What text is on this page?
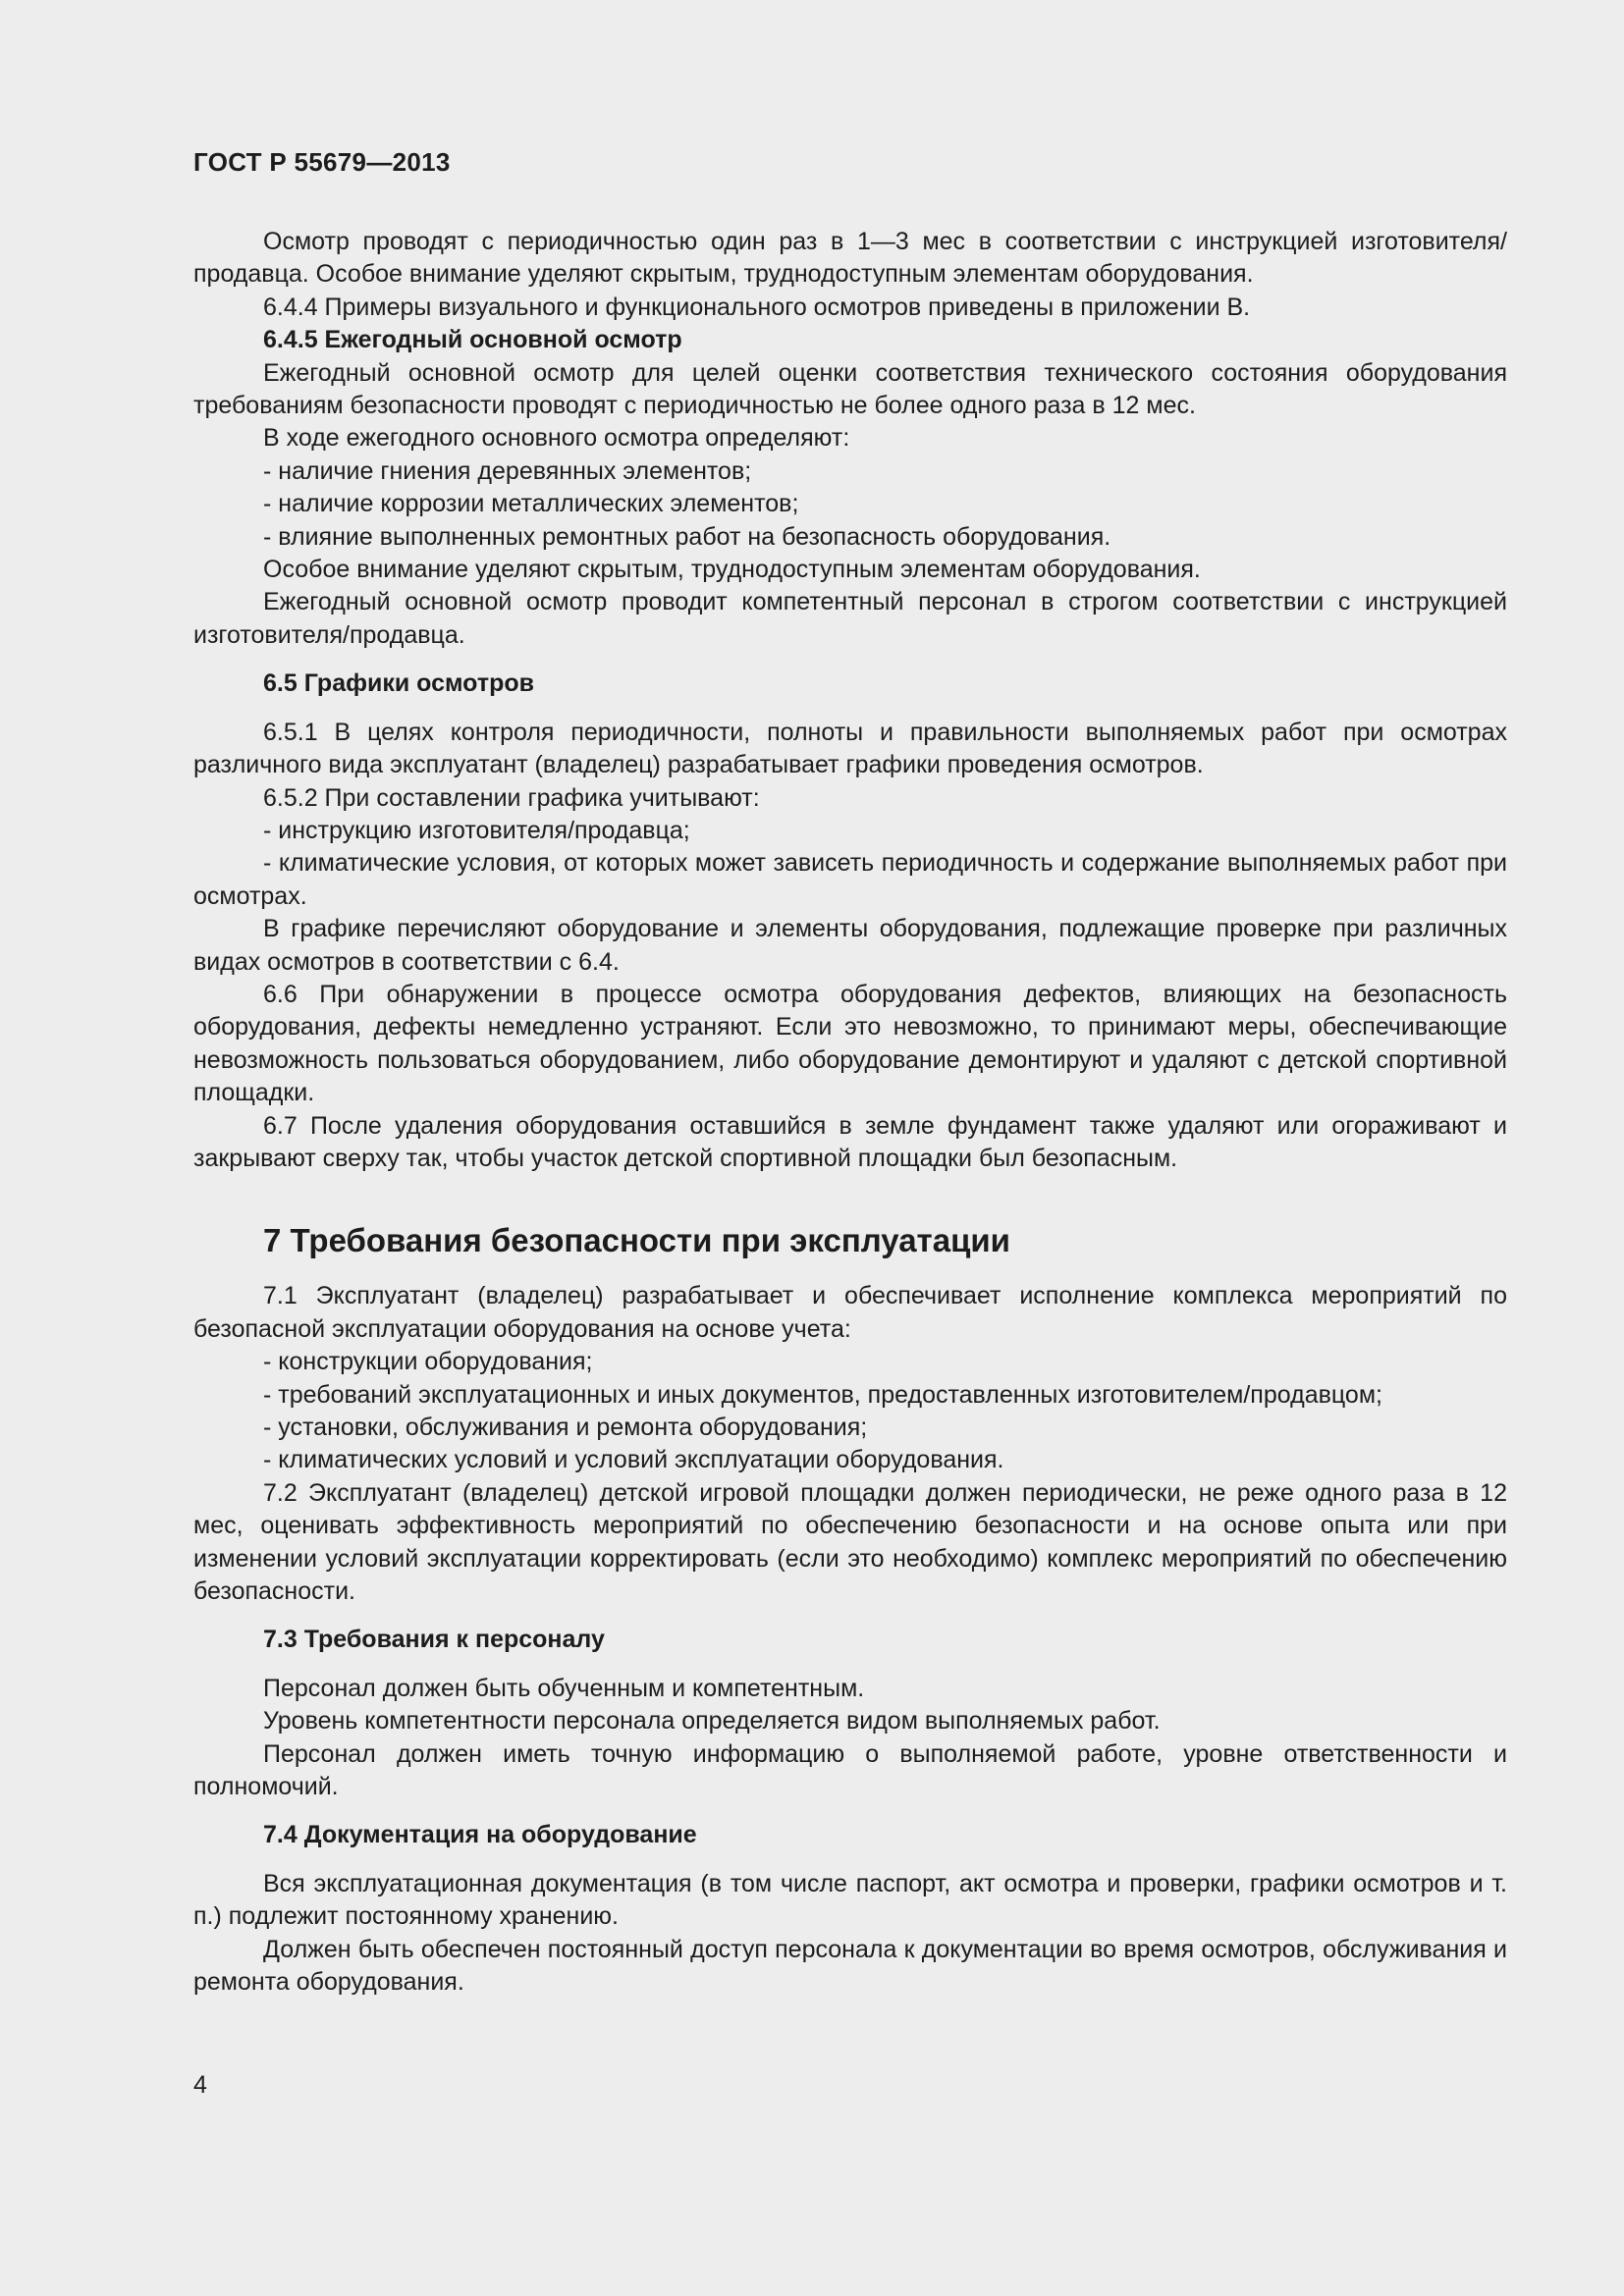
ГОСТ Р 55679—2013

Осмотр проводят с периодичностью один раз в 1—3 мес в соответствии с инструкцией изготовителя/продавца. Особое внимание уделяют скрытым, труднодоступным элементам оборудования.

6.4.4 Примеры визуального и функционального осмотров приведены в приложении В.

6.4.5 Ежегодный основной осмотр

Ежегодный основной осмотр для целей оценки соответствия технического состояния оборудования требованиям безопасности проводят с периодичностью не более одного раза в 12 мес.

В ходе ежегодного основного осмотра определяют:

- наличие гниения деревянных элементов;

- наличие коррозии металлических элементов;

- влияние выполненных ремонтных работ на безопасность оборудования.

Особое внимание уделяют скрытым, труднодоступным элементам оборудования.

Ежегодный основной осмотр проводит компетентный персонал в строгом соответствии с инструкцией изготовителя/продавца.

6.5 Графики осмотров

6.5.1 В целях контроля периодичности, полноты и правильности выполняемых работ при осмотрах различного вида эксплуатант (владелец) разрабатывает графики проведения осмотров.

6.5.2 При составлении графика учитывают:

- инструкцию изготовителя/продавца;

- климатические условия, от которых может зависеть периодичность и содержание выполняемых работ при осмотрах.

В графике перечисляют оборудование и элементы оборудования, подлежащие проверке при различных видах осмотров в соответствии с 6.4.

6.6 При обнаружении в процессе осмотра оборудования дефектов, влияющих на безопасность оборудования, дефекты немедленно устраняют. Если это невозможно, то принимают меры, обеспечивающие невозможность пользоваться оборудованием, либо оборудование демонтируют и удаляют с детской спортивной площадки.

6.7 После удаления оборудования оставшийся в земле фундамент также удаляют или огораживают и закрывают сверху так, чтобы участок детской спортивной площадки был безопасным.

7 Требования безопасности при эксплуатации

7.1 Эксплуатант (владелец) разрабатывает и обеспечивает исполнение комплекса мероприятий по безопасной эксплуатации оборудования на основе учета:

- конструкции оборудования;

- требований эксплуатационных и иных документов, предоставленных изготовителем/продавцом;

- установки, обслуживания и ремонта оборудования;

- климатических условий и условий эксплуатации оборудования.

7.2 Эксплуатант (владелец) детской игровой площадки должен периодически, не реже одного раза в 12 мес, оценивать эффективность мероприятий по обеспечению безопасности и на основе опыта или при изменении условий эксплуатации корректировать (если это необходимо) комплекс мероприятий по обеспечению безопасности.

7.3 Требования к персоналу

Персонал должен быть обученным и компетентным.

Уровень компетентности персонала определяется видом выполняемых работ.

Персонал должен иметь точную информацию о выполняемой работе, уровне ответственности и полномочий.

7.4 Документация на оборудование

Вся эксплуатационная документация (в том числе паспорт, акт осмотра и проверки, графики осмотров и т. п.) подлежит постоянному хранению.

Должен быть обеспечен постоянный доступ персонала к документации во время осмотров, обслуживания и ремонта оборудования.

4
